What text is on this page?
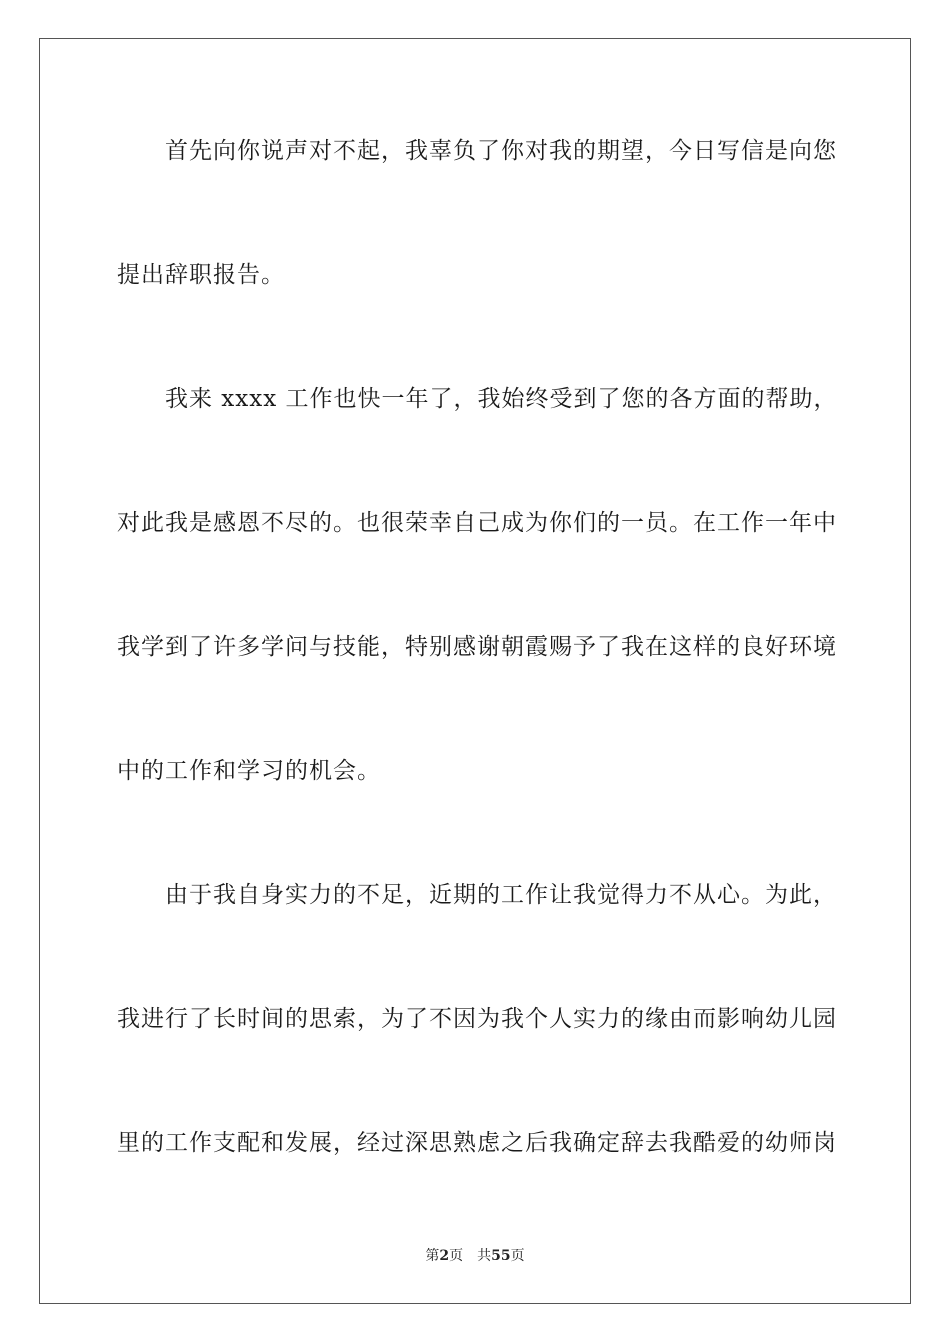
首先向你说声对不起，我辜负了你对我的期望，今日写信是向您
提出辞职报告。
我来 xxxx 工作也快一年了，我始终受到了您的各方面的帮助，
对此我是感恩不尽的。也很荣幸自己成为你们的一员。在工作一年中
我学到了许多学问与技能，特别感谢朝霞赐予了我在这样的良好环境
中的工作和学习的机会。
由于我自身实力的不足，近期的工作让我觉得力不从心。为此，
我进行了长时间的思索，为了不因为我个人实力的缘由而影响幼儿园
里的工作支配和发展，经过深思熟虑之后我确定辞去我酷爱的幼师岗
第2页 共55页
